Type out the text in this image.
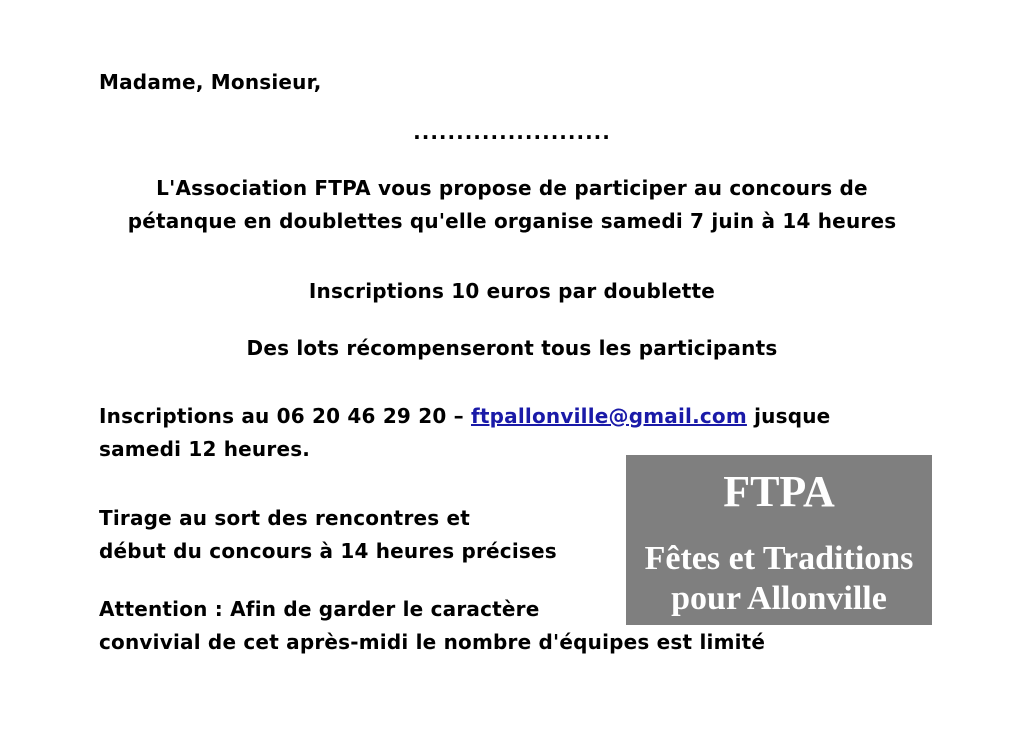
Madame, Monsieur,
.......................
L'Association FTPA vous propose de participer au concours de
pétanque en doublettes qu'elle organise samedi 7 juin à 14 heures
Inscriptions 10 euros par doublette
Des lots récompenseront tous les participants
Inscriptions au 06 20 46 29 20 – ftpallonville@gmail.com jusque
samedi 12 heures.
Tirage au sort des rencontres et
début du concours à 14 heures précises
Attention : Afin de garder le caractère
convivial de cet après-midi le nombre d'équipes est limité
FTPA
Fêtes et Traditions
pour Allonville
